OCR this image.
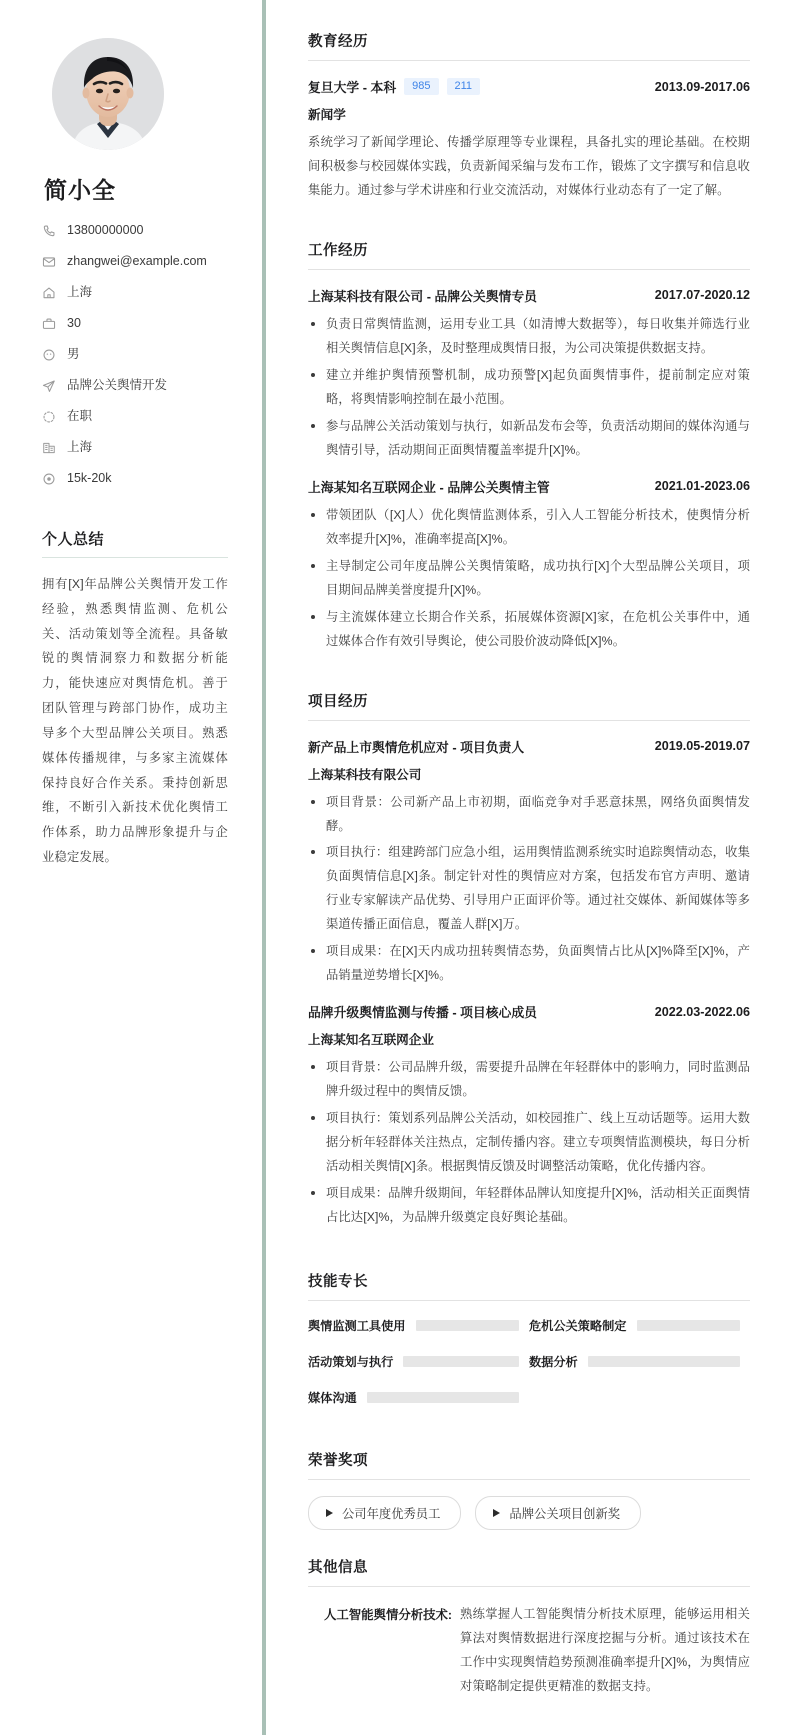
简小全
13800000000
zhangwei@example.com
上海
30
男
品牌公关舆情开发
在职
上海
15k-20k
个人总结

拥有[X]年品牌公关舆情开发工作经验，熟悉舆情监测、危机公关、活动策划等全流程。具备敏锐的舆情洞察力和数据分析能力，能快速应对舆情危机。善于团队管理与跨部门协作，成功主导多个大型品牌公关项目。熟悉媒体传播规律，与多家主流媒体保持良好合作关系。秉持创新思维，不断引入新技术优化舆情工作体系，助力品牌形象提升与企业稳定发展。

教育经历
复旦大学 - 本科	985	211	2013.09-2017.06
新闻学

系统学习了新闻学理论、传播学原理等专业课程，具备扎实的理论基础。在校期间积极参与校园媒体实践，负责新闻采编与发布工作，锻炼了文字撰写和信息收集能力。通过参与学术讲座和行业交流活动，对媒体行业动态有了一定了解。

工作经历
上海某科技有限公司 - 品牌公关舆情专员	2017.07-2020.12
负责日常舆情监测，运用专业工具（如清博大数据等），每日收集并筛选行业相关舆情信息[X]条，及时整理成舆情日报，为公司决策提供数据支持。
建立并维护舆情预警机制，成功预警[X]起负面舆情事件，提前制定应对策略，将舆情影响控制在最小范围。
参与品牌公关活动策划与执行，如新品发布会等，负责活动期间的媒体沟通与舆情引导，活动期间正面舆情覆盖率提升[X]%。
上海某知名互联网企业 - 品牌公关舆情主管	2021.01-2023.06
带领团队（[X]人）优化舆情监测体系，引入人工智能分析技术，使舆情分析效率提升[X]%，准确率提高[X]%。
主导制定公司年度品牌公关舆情策略，成功执行[X]个大型品牌公关项目，项目期间品牌美誉度提升[X]%。
与主流媒体建立长期合作关系，拓展媒体资源[X]家，在危机公关事件中，通过媒体合作有效引导舆论，使公司股价波动降低[X]%。
项目经历
新产品上市舆情危机应对 - 项目负责人	2019.05-2019.07
上海某科技有限公司
项目背景：公司新产品上市初期，面临竞争对手恶意抹黑，网络负面舆情发酵。
项目执行：组建跨部门应急小组，运用舆情监测系统实时追踪舆情动态，收集负面舆情信息[X]条。制定针对性的舆情应对方案，包括发布官方声明、邀请行业专家解读产品优势、引导用户正面评价等。通过社交媒体、新闻媒体等多渠道传播正面信息，覆盖人群[X]万。
项目成果：在[X]天内成功扭转舆情态势，负面舆情占比从[X]%降至[X]%，产品销量逆势增长[X]%。
品牌升级舆情监测与传播 - 项目核心成员	2022.03-2022.06
上海某知名互联网企业
项目背景：公司品牌升级，需要提升品牌在年轻群体中的影响力，同时监测品牌升级过程中的舆情反馈。
项目执行：策划系列品牌公关活动，如校园推广、线上互动话题等。运用大数据分析年轻群体关注热点，定制传播内容。建立专项舆情监测模块，每日分析活动相关舆情[X]条。根据舆情反馈及时调整活动策略，优化传播内容。
项目成果：品牌升级期间，年轻群体品牌认知度提升[X]%，活动相关正面舆情占比达[X]%，为品牌升级奠定良好舆论基础。
技能专长
舆情监测工具使用	危机公关策略制定
活动策划与执行	数据分析
媒体沟通
荣誉奖项
公司年度优秀员工	品牌公关项目创新奖
其他信息
人工智能舆情分析技术: 熟练掌握人工智能舆情分析技术原理，能够运用相关算法对舆情数据进行深度挖掘与分析。通过该技术在工作中实现舆情趋势预测准确率提升[X]%，为舆情应对策略制定提供更精准的数据支持。
